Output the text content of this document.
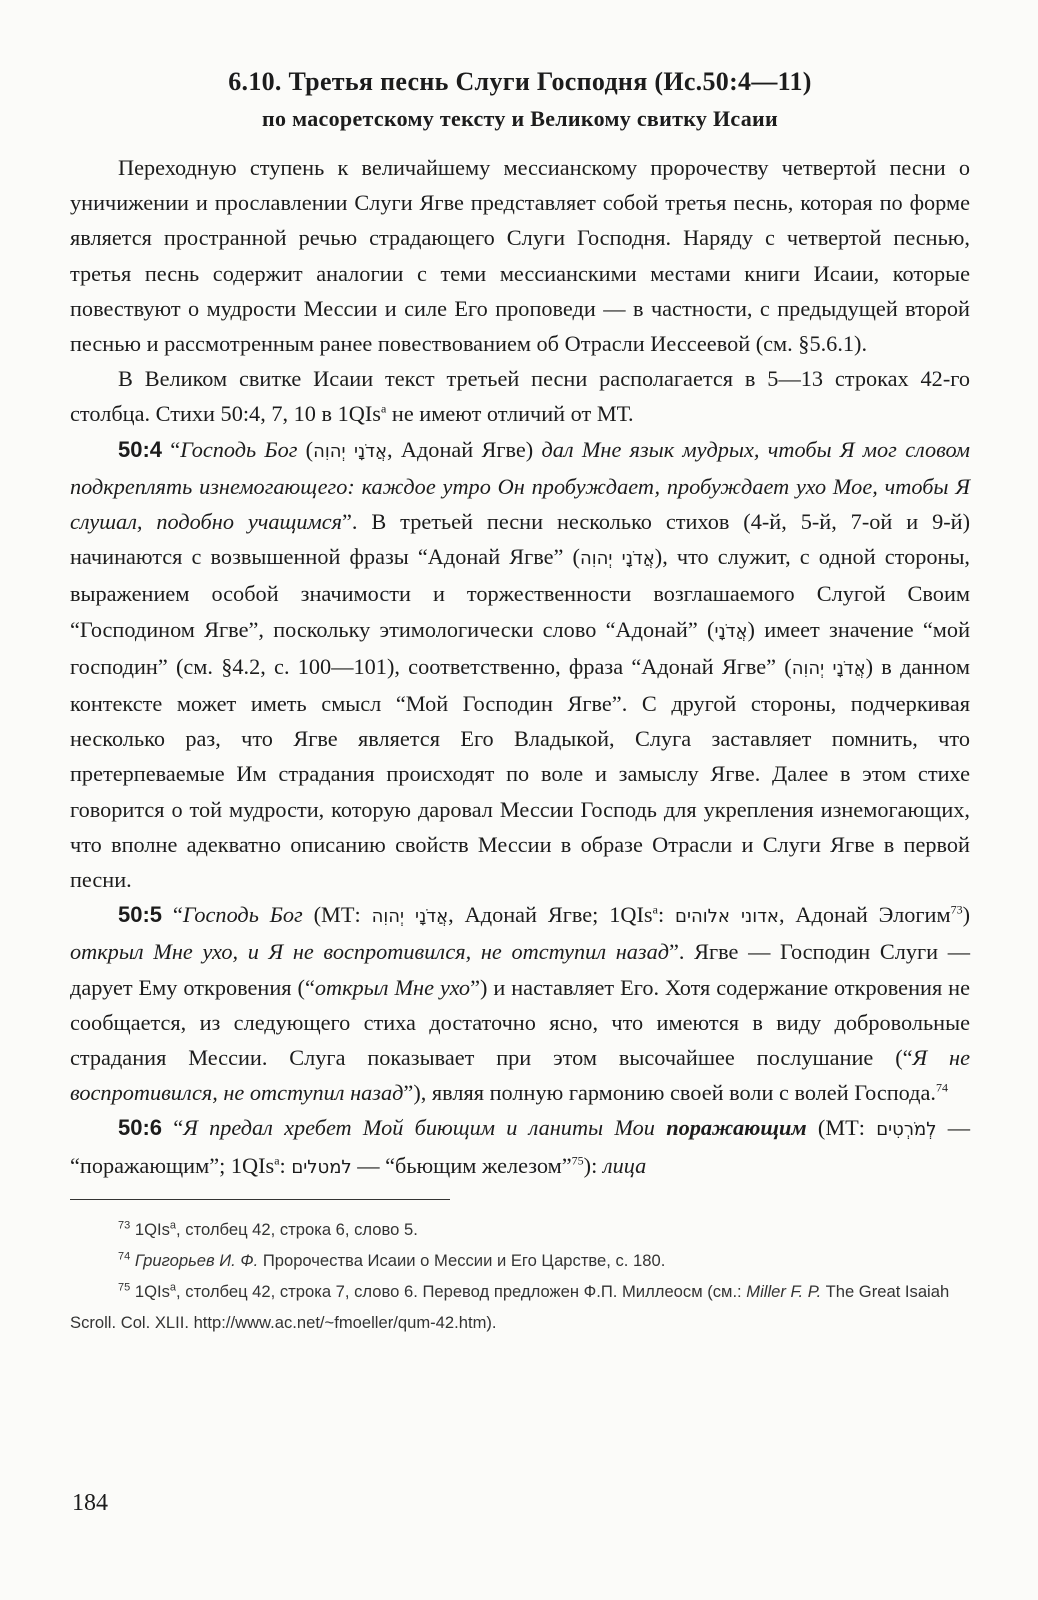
6.10. Третья песнь Слуги Господня (Ис.50:4—11)
по масоретскому тексту и Великому свитку Исаии

Переходную ступень к величайшему мессианскому пророчеству четвертой песни о уничижении и прославлении Слуги Ягве представляет собой третья песнь, которая по форме является пространной речью страдающего Слуги Господня. Наряду с четвертой песнью, третья песнь содержит аналогии с теми мессианскими местами книги Исаии, которые повествуют о мудрости Мессии и силе Его проповеди — в частности, с предыдущей второй песнью и рассмотренным ранее повествованием об Отрасли Иессеевой (см. §5.6.1).

В Великом свитке Исаии текст третьей песни располагается в 5—13 строках 42-го столбца. Стихи 50:4, 7, 10 в 1QIs$^a$ не имеют отличий от МТ.

50:4 “Господь Бог (אֲדֹנָי יְהוִה, Адонай Ягве) дал Мне язык мудрых, чтобы Я мог словом подкреплять изнемогающего: каждое утро Он пробуждает, пробуждает ухо Мое, чтобы Я слушал, подобно учащимся”. В третьей песни несколько стихов (4-й, 5-й, 7-ой и 9-й) начинаются с возвышенной фразы “Адонай Ягве” (אֲדֹנָי יְהוִה), что служит, с одной стороны, выражением особой значимости и торжественности возглашаемого Слугой Своим “Господином Ягве”, поскольку этимологически слово “Адонай” (אֲדֹנָי) имеет значение “мой господин” (см. §4.2, с. 100—101), соответственно, фраза “Адонай Ягве” (אֲדֹנָי יְהוִה) в данном контексте может иметь смысл “Мой Господин Ягве”. С другой стороны, подчеркивая несколько раз, что Ягве является Его Владыкой, Слуга заставляет помнить, что претерпеваемые Им страдания происходят по воле и замыслу Ягве. Далее в этом стихе говорится о той мудрости, которую даровал Мессии Господь для укрепления изнемогающих, что вполне адекватно описанию свойств Мессии в образе Отрасли и Слуги Ягве в первой песни.

50:5 “Господь Бог (МТ: אֲדֹנָי יְהוִה, Адонай Ягве; 1QIs$^a$: אדוני אלוהים, Адонай Элогим$^{73}$) открыл Мне ухо, и Я не воспротивился, не отступил назад”. Ягве — Господин Слуги — дарует Ему откровения (“открыл Мне ухо”) и наставляет Его. Хотя содержание откровения не сообщается, из следующего стиха достаточно ясно, что имеются в виду добровольные страдания Мессии. Слуга показывает при этом высочайшее послушание (“Я не воспротивился, не отступил назад”), являя полную гармонию своей воли с волей Господа.$^{74}$

50:6 “Я предал хребет Мой биющим и ланиты Мои поражающим (МТ: לְמֹרְטִים — “поражающим”; 1QIs$^a$: למטלים — “бьющим железом”$^{75}$): лица

$^{73}$ 1QIs$^a$, столбец 42, строка 6, слово 5.

$^{74}$ Григорьев И. Ф. Пророчества Исаии о Мессии и Его Царстве, с. 180.

$^{75}$ 1QIs$^a$, столбец 42, строка 7, слово 6. Перевод предложен Ф.П. Миллеосм (см.: Miller F. P. The Great Isaiah Scroll. Col. XLII. http://www.ac.net/~fmoeller/qum-42.htm).

184
